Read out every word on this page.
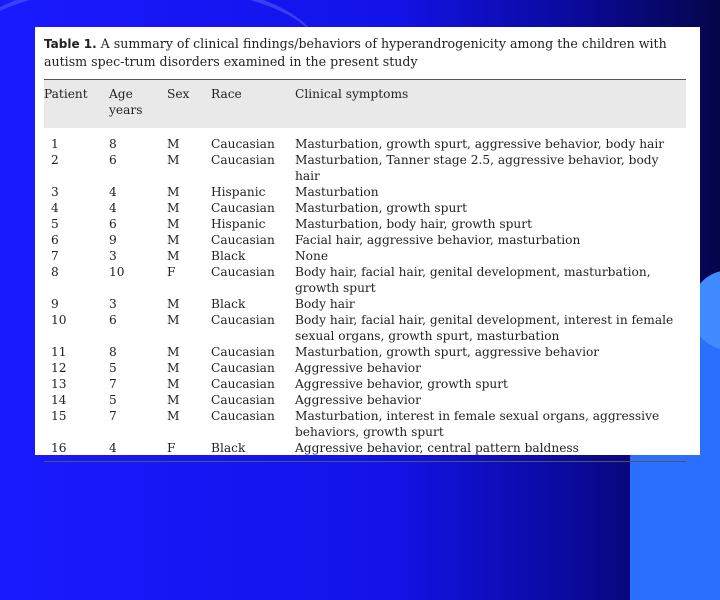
Table 1. A summary of clinical findings/behaviors of hyperandrogenicity among the children with autism spec-trum disorders examined in the present study
Patient	Age years	Sex	Race	Clinical symptoms
1	8	M	Caucasian	Masturbation, growth spurt, aggressive behavior, body hair
2	6	M	Caucasian	Masturbation, Tanner stage 2.5, aggressive behavior, body hair
3	4	M	Hispanic	Masturbation
4	4	M	Caucasian	Masturbation, growth spurt
5	6	M	Hispanic	Masturbation, body hair, growth spurt
6	9	M	Caucasian	Facial hair, aggressive behavior, masturbation
7	3	M	Black	None
8	10	F	Caucasian	Body hair, facial hair, genital development, masturbation, growth spurt
9	3	M	Black	Body hair
10	6	M	Caucasian	Body hair, facial hair, genital development, interest in female sexual organs, growth spurt, masturbation
11	8	M	Caucasian	Masturbation, growth spurt, aggressive behavior
12	5	M	Caucasian	Aggressive behavior
13	7	M	Caucasian	Aggressive behavior, growth spurt
14	5	M	Caucasian	Aggressive behavior
15	7	M	Caucasian	Masturbation, interest in female sexual organs, aggressive behaviors, growth spurt
16	4	F	Black	Aggressive behavior, central pattern baldness
